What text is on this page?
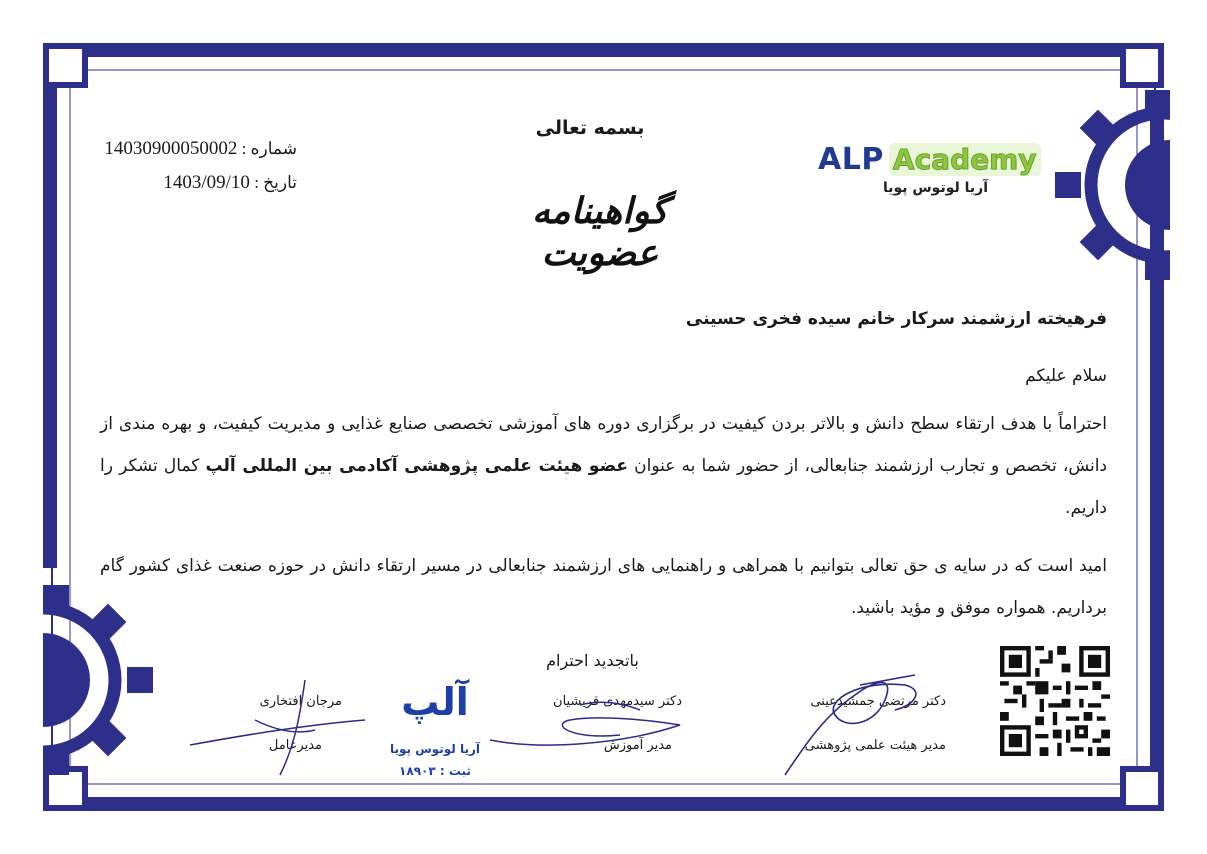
ALP Academy
آریا لوتوس پویا
بسمه تعالی
گواهینامه عضویت
شماره : 14030900050002
تاریخ : 1403/09/10
فرهیخته ارزشمند سرکار خانم سیده فخری حسینی
سلام علیکم
احتراماً با هدف ارتقاء سطح دانش و بالاتر بردن کیفیت در برگزاری دوره های آموزشی تخصصی صنایع غذایی و مدیریت کیفیت، و بهره مندی از دانش، تخصص و تجارب ارزشمند جنابعالی، از حضور شما به عنوان عضو هیئت علمی پژوهشی آکادمی بین المللی آلپ کمال تشکر را داریم.
امید است که در سایه ی حق تعالی بتوانیم با همراهی و راهنمایی های ارزشمند جنابعالی در مسیر ارتقاء دانش در حوزه صنعت غذای کشور گام برداریم. همواره موفق و مؤید باشید.
باتجدید احترام
دکتر مرتضی جمشیدعینی
مدیر هیئت علمی پژوهشی
دکتر سیدمهدی قریشیان
مدیر آموزش
مرجان افتخاری
مدیرعامل
آلپ
آریا لوتوس پویا
ثبت : ۱۸۹۰۳
